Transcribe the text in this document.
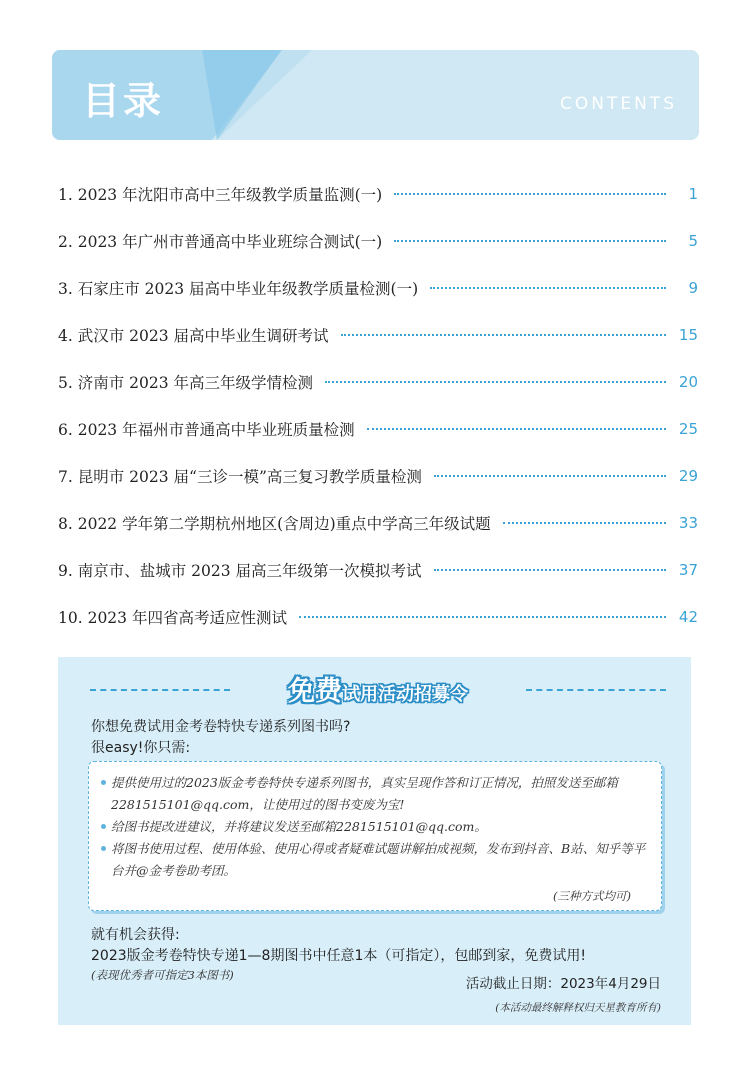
目录	CONTENTS
1. 2023 年沈阳市高中三年级教学质量监测(一)	1
2. 2023 年广州市普通高中毕业班综合测试(一)	5
3. 石家庄市 2023 届高中毕业年级教学质量检测(一)	9
4. 武汉市 2023 届高中毕业生调研考试	15
5. 济南市 2023 年高三年级学情检测	20
6. 2023 年福州市普通高中毕业班质量检测	25
7. 昆明市 2023 届“三诊一模”高三复习教学质量检测	29
8. 2022 学年第二学期杭州地区(含周边)重点中学高三年级试题	33
9. 南京市、盐城市 2023 届高三年级第一次模拟考试	37
10. 2023 年四省高考适应性测试	42
免费试用活动招募令
你想免费试用金考卷特快专递系列图书吗?
很easy!你只需:
提供使用过的2023版金考卷特快专递系列图书，真实呈现作答和订正情况，拍照发送至邮箱2281515101@qq.com，让使用过的图书变废为宝!
给图书提改进建议，并将建议发送至邮箱2281515101@qq.com。
将图书使用过程、使用体验、使用心得或者疑难试题讲解拍成视频，发布到抖音、B站、知乎等平台并@金考卷助考团。
(三种方式均可)
就有机会获得:
2023版金考卷特快专递1—8期图书中任意1本（可指定），包邮到家，免费试用!
(表现优秀者可指定3本图书)
活动截止日期：2023年4月29日
(本活动最终解释权归天星教育所有)
